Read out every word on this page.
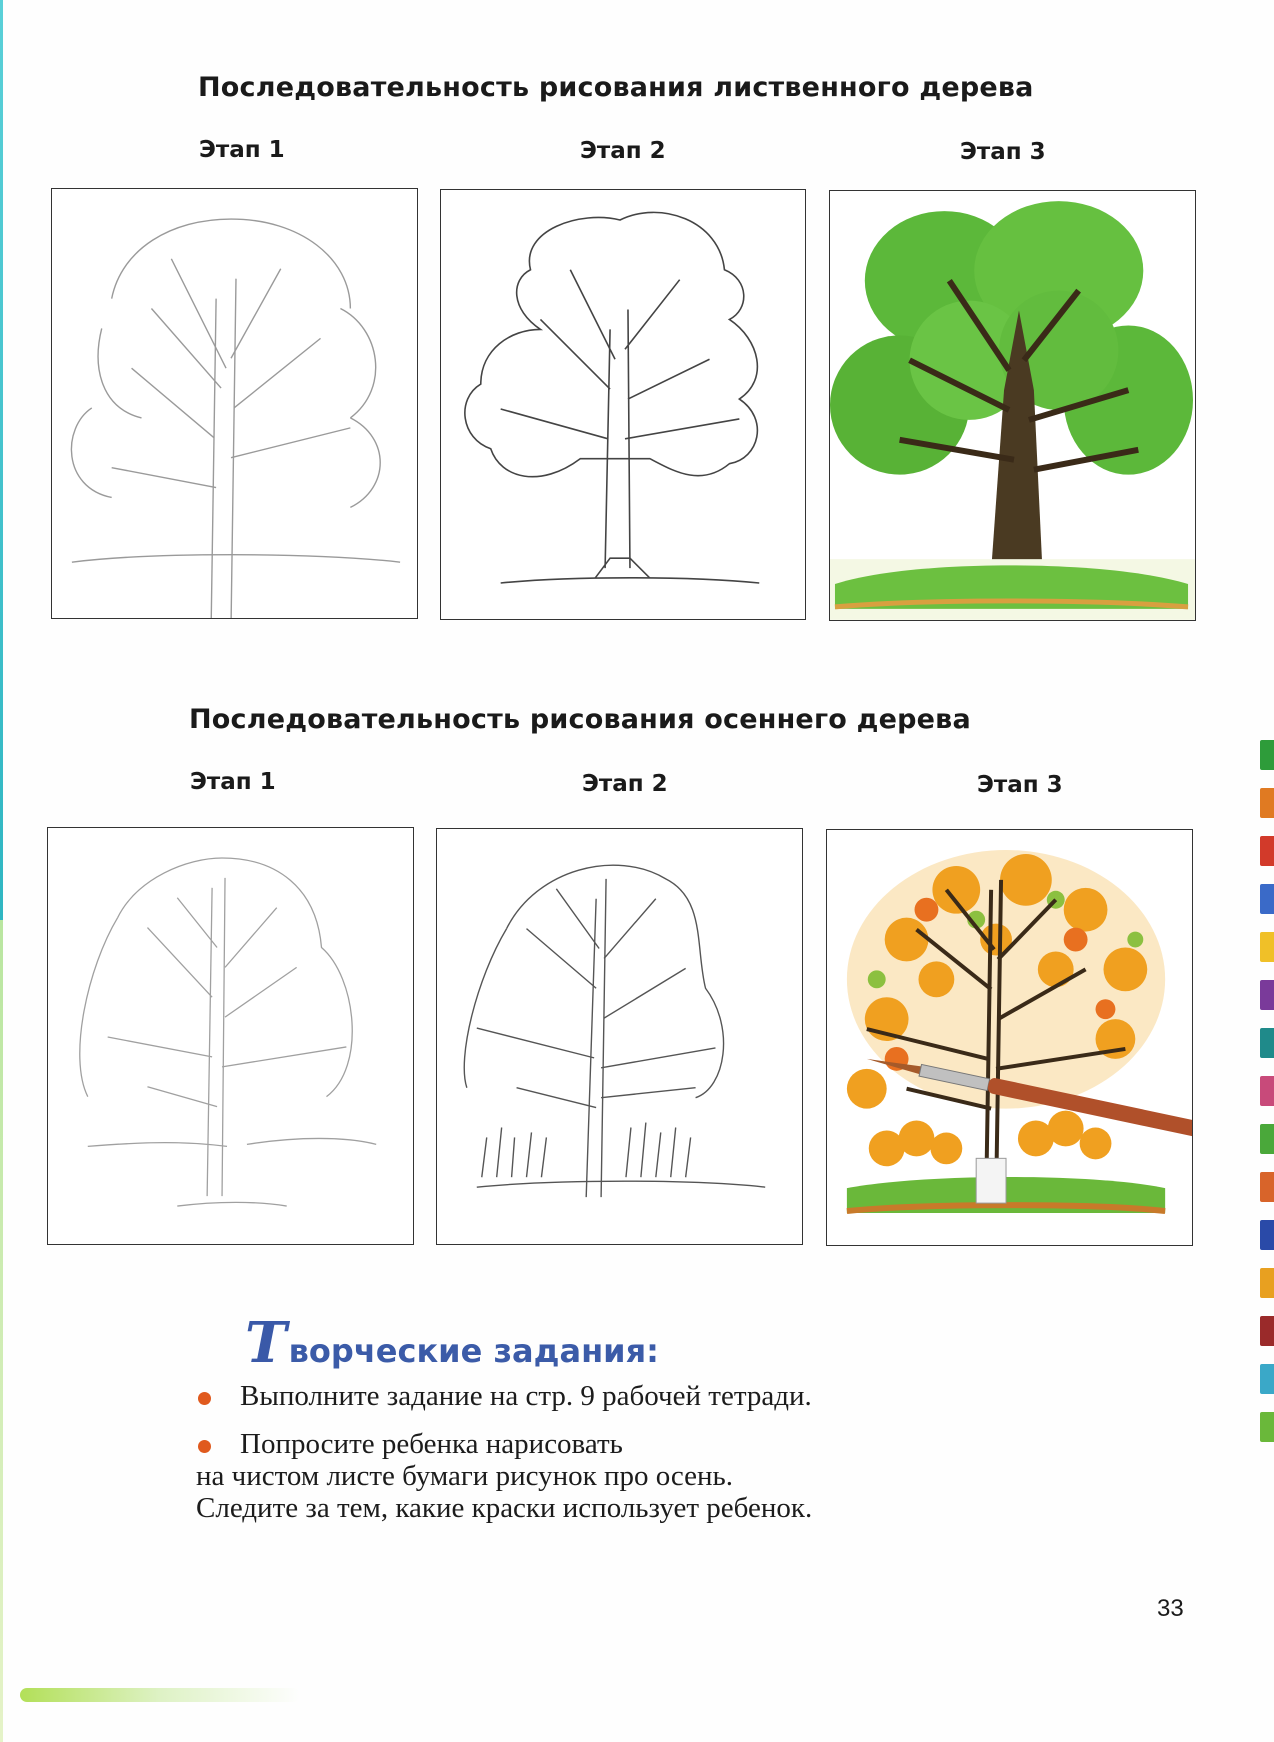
Последовательность рисования лиственного дерева
Этап 1	Этап 2	Этап 3
Последовательность рисования осеннего дерева
Этап 1	Этап 2	Этап 3
Творческие задания:
Выполните задание на стр. 9 рабочей тетради.
Попросите ребенка нарисовать
на чистом листе бумаги рисунок про осень.
Следите за тем, какие краски использует ребенок.
33
